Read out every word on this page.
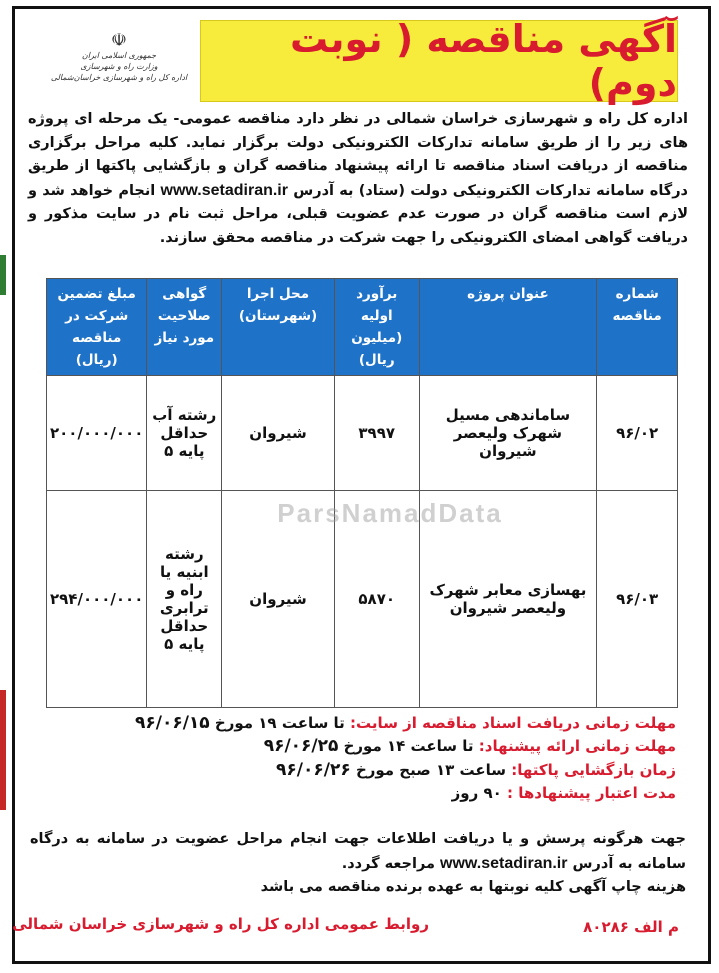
☫
جمهوری اسلامی ایران
وزارت راه و شهرسازی
اداره کل راه و شهرسازی خراسان‌شمالی
آگهی مناقصه ( نوبت دوم)
اداره کل راه و شهرسازی خراسان شمالی در نظر دارد مناقصه عمومی- یک مرحله ای پروژه های زیر را از طریق سامانه تدارکات الکترونیکی دولت برگزار نماید. کلیه مراحل برگزاری مناقصه از دریافت اسناد مناقصه تا ارائه پیشنهاد مناقصه گران و بازگشایی پاکتها از طریق درگاه سامانه تدارکات الکترونیکی دولت (ستاد) به آدرس www.setadiran.ir انجام خواهد شد و لازم است مناقصه گران در صورت عدم عضویت قبلی، مراحل ثبت نام در سایت مذکور و دریافت گواهی امضای الکترونیکی را جهت شرکت در مناقصه محقق سازند.
شماره مناقصه	عنوان پروژه	برآورد اولیه (میلیون ریال)	محل اجرا (شهرستان)	گواهی صلاحیت مورد نیاز	مبلغ تضمین شرکت در مناقصه (ریال)
۹۶/۰۲	ساماندهی مسیل شهرک ولیعصر شیروان	۳۹۹۷	شیروان	رشته آب حداقل پایه ۵	۲۰۰/۰۰۰/۰۰۰
۹۶/۰۳	بهسازی معابر شهرک ولیعصر شیروان	۵۸۷۰	شیروان	رشته ابنیه یا راه و ترابری حداقل پایه ۵	۲۹۴/۰۰۰/۰۰۰
ParsNamadData
مهلت زمانی دریافت اسناد مناقصه از سایت: تا ساعت ۱۹ مورخ ۹۶/۰۶/۱۵
مهلت زمانی ارائه پیشنهاد: تا ساعت ۱۴ مورخ ۹۶/۰۶/۲۵
زمان بازگشایی پاکتها: ساعت ۱۳ صبح مورخ ۹۶/۰۶/۲۶
مدت اعتبار پیشنهادها : ۹۰ روز
جهت هرگونه پرسش و یا دریافت اطلاعات جهت انجام مراحل عضویت در سامانه به درگاه سامانه به آدرس www.setadiran.ir مراجعه گردد.
هزینه چاپ آگهی کلیه نوبتها به عهده برنده مناقصه می باشد
روابط عمومی اداره کل راه و شهرسازی خراسان شمالی	م الف ۸۰۲۸۶
